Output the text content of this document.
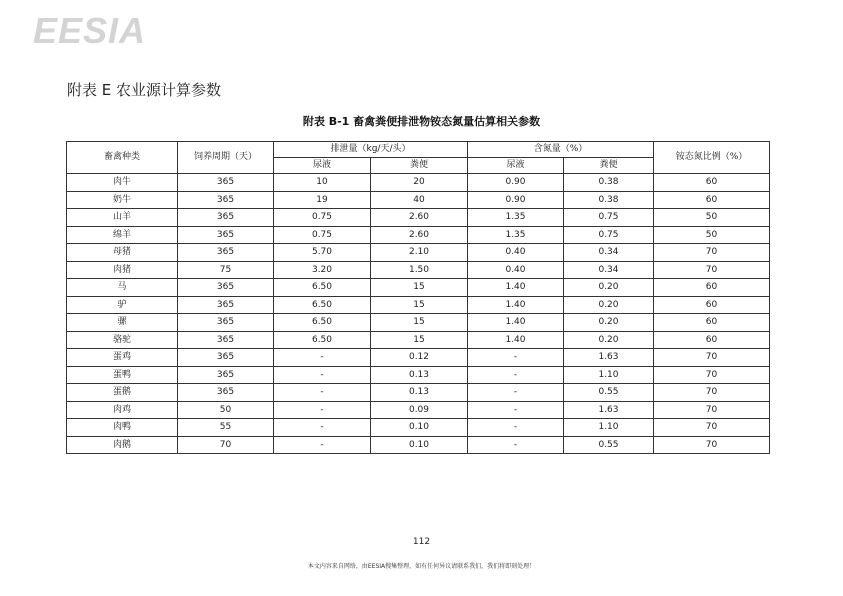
EESIA
附表 E 农业源计算参数
附表 B-1 畜禽粪便排泄物铵态氮量估算相关参数
畜禽种类	饲养周期（天）	排泄量（kg/天/头）		含氮量（%）		铵态氮比例（%）
		尿液	粪便	尿液	粪便	
肉牛	365	10	20	0.90	0.38	60
奶牛	365	19	40	0.90	0.38	60
山羊	365	0.75	2.60	1.35	0.75	50
绵羊	365	0.75	2.60	1.35	0.75	50
母猪	365	5.70	2.10	0.40	0.34	70
肉猪	75	3.20	1.50	0.40	0.34	70
马	365	6.50	15	1.40	0.20	60
驴	365	6.50	15	1.40	0.20	60
骡	365	6.50	15	1.40	0.20	60
骆驼	365	6.50	15	1.40	0.20	60
蛋鸡	365	-	0.12	-	1.63	70
蛋鸭	365	-	0.13	-	1.10	70
蛋鹅	365	-	0.13	-	0.55	70
肉鸡	50	-	0.09	-	1.63	70
肉鸭	55	-	0.10	-	1.10	70
肉鹅	70	-	0.10	-	0.55	70
112
本文内容来自网络，由EESIA搜集整理，如有任何异议请联系我们，我们将即刻处理！
